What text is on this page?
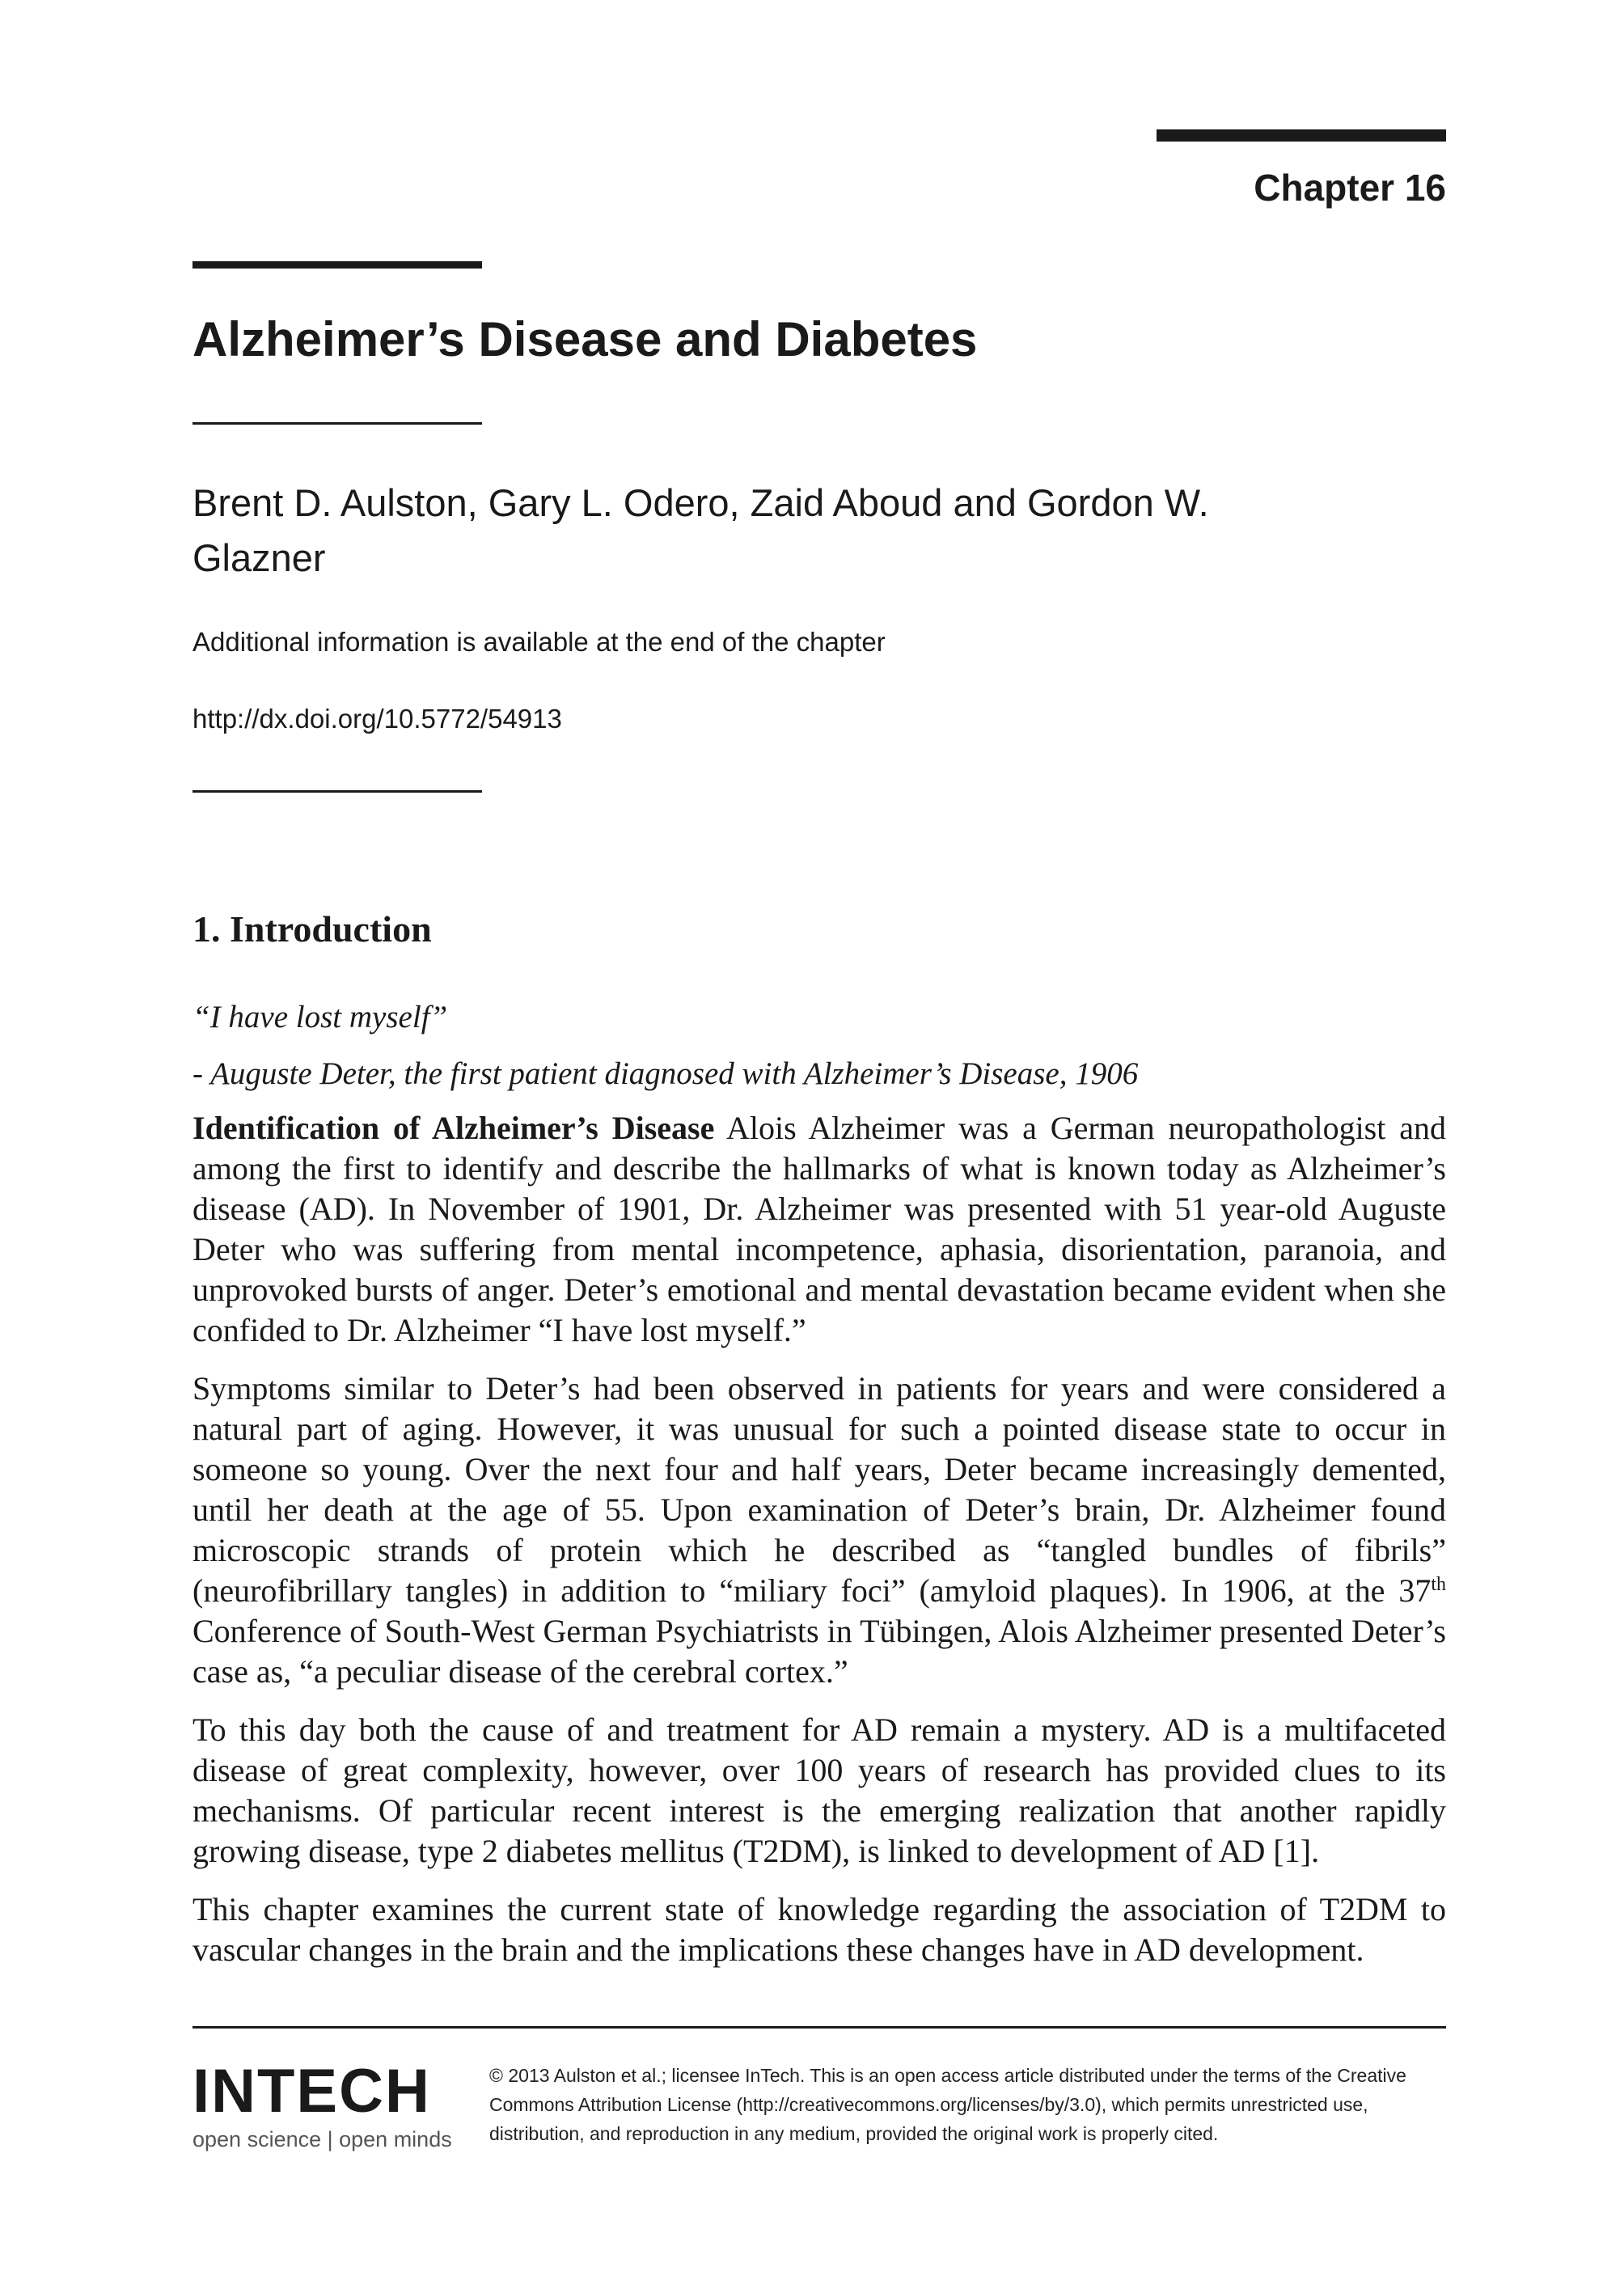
Chapter 16
Alzheimer’s Disease and Diabetes
Brent D. Aulston, Gary L. Odero, Zaid Aboud and Gordon W. Glazner
Additional information is available at the end of the chapter
http://dx.doi.org/10.5772/54913
1. Introduction
“I have lost myself”
- Auguste Deter, the first patient diagnosed with Alzheimer’s Disease, 1906

Identification of Alzheimer’s Disease Alois Alzheimer was a German neuropathologist and among the first to identify and describe the hallmarks of what is known today as Alzheimer’s disease (AD). In November of 1901, Dr. Alzheimer was presented with 51 year-old Auguste Deter who was suffering from mental incompetence, aphasia, disorientation, paranoia, and unprovoked bursts of anger. Deter’s emotional and mental devastation became evident when she confided to Dr. Alzheimer “I have lost myself.”

Symptoms similar to Deter’s had been observed in patients for years and were considered a natural part of aging. However, it was unusual for such a pointed disease state to occur in someone so young. Over the next four and half years, Deter became increasingly demented, until her death at the age of 55. Upon examination of Deter’s brain, Dr. Alzheimer found microscopic strands of protein which he described as “tangled bundles of fibrils” (neurofibrillary tangles) in addition to “miliary foci” (amyloid plaques). In 1906, at the 37th Conference of South-West German Psychiatrists in Tübingen, Alois Alzheimer presented Deter’s case as, “a peculiar disease of the cerebral cortex.”

To this day both the cause of and treatment for AD remain a mystery. AD is a multifaceted disease of great complexity, however, over 100 years of research has provided clues to its mechanisms. Of particular recent interest is the emerging realization that another rapidly growing disease, type 2 diabetes mellitus (T2DM), is linked to development of AD [1].

This chapter examines the current state of knowledge regarding the association of T2DM to vascular changes in the brain and the implications these changes have in AD development.

INTECH
open science | open minds
© 2013 Aulston et al.; licensee InTech. This is an open access article distributed under the terms of the Creative Commons Attribution License (http://creativecommons.org/licenses/by/3.0), which permits unrestricted use, distribution, and reproduction in any medium, provided the original work is properly cited.
